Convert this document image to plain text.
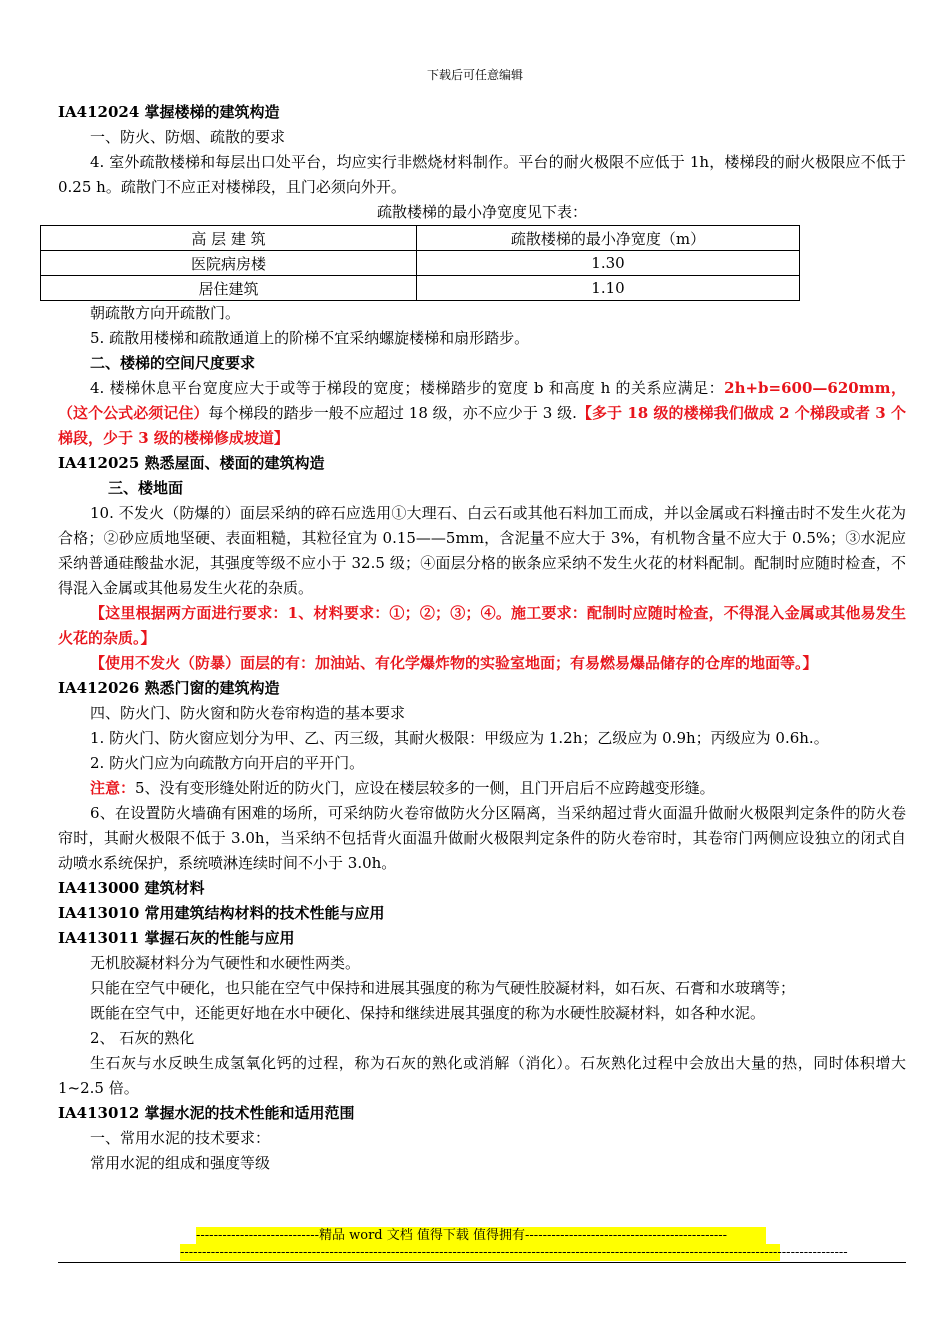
下载后可任意编辑
IA412024 掌握楼梯的建筑构造
一、防火、防烟、疏散的要求
4. 室外疏散楼梯和每层出口处平台，均应实行非燃烧材料制作。平台的耐火极限不应低于 1h，楼梯段的耐火极限应不低于 0.25 h。疏散门不应正对楼梯段，且门必须向外开。
疏散楼梯的最小净宽度见下表：
高 层 建 筑	疏散楼梯的最小净宽度（m）
医院病房楼	1.30
居住建筑	1.10
朝疏散方向开疏散门。
5. 疏散用楼梯和疏散通道上的阶梯不宜采纳螺旋楼梯和扇形踏步。
二、楼梯的空间尺度要求
4. 楼梯休息平台宽度应大于或等于梯段的宽度；楼梯踏步的宽度 b 和高度 h 的关系应满足：2h+b=600—620mm，（这个公式必须记住）每个梯段的踏步一般不应超过 18 级，亦不应少于 3 级.【多于 18 级的楼梯我们做成 2 个梯段或者 3 个梯段，少于 3 级的楼梯修成坡道】
IA412025 熟悉屋面、楼面的建筑构造
三、楼地面
10. 不发火（防爆的）面层采纳的碎石应选用①大理石、白云石或其他石料加工而成，并以金属或石料撞击时不发生火花为合格；②砂应质地坚硬、表面粗糙，其粒径宜为 0.15——5mm，含泥量不应大于 3%，有机物含量不应大于 0.5%；③水泥应采纳普通硅酸盐水泥，其强度等级不应小于 32.5 级；④面层分格的嵌条应采纳不发生火花的材料配制。配制时应随时检查，不得混入金属或其他易发生火花的杂质。
【这里根据两方面进行要求：1、材料要求：①；②；③；④。施工要求：配制时应随时检查，不得混入金属或其他易发生火花的杂质。】
【使用不发火（防暴）面层的有：加油站、有化学爆炸物的实验室地面；有易燃易爆品储存的仓库的地面等。】
IA412026 熟悉门窗的建筑构造
四、防火门、防火窗和防火卷帘构造的基本要求
1. 防火门、防火窗应划分为甲、乙、丙三级，其耐火极限：甲级应为 1.2h；乙级应为 0.9h；丙级应为 0.6h.。
2. 防火门应为向疏散方向开启的平开门。
注意：5、没有变形缝处附近的防火门，应设在楼层较多的一侧，且门开启后不应跨越变形缝。
6、在设置防火墙确有困难的场所，可采纳防火卷帘做防火分区隔离，当采纳超过背火面温升做耐火极限判定条件的防火卷帘时，其耐火极限不低于 3.0h，当采纳不包括背火面温升做耐火极限判定条件的防火卷帘时，其卷帘门两侧应设独立的闭式自动喷水系统保护，系统喷淋连续时间不小于 3.0h。
IA413000 建筑材料
IA413010 常用建筑结构材料的技术性能与应用
IA413011 掌握石灰的性能与应用
无机胶凝材料分为气硬性和水硬性两类。
只能在空气中硬化，也只能在空气中保持和进展其强度的称为气硬性胶凝材料，如石灰、石膏和水玻璃等；
既能在空气中，还能更好地在水中硬化、保持和继续进展其强度的称为水硬性胶凝材料，如各种水泥。
2、 石灰的熟化
生石灰与水反映生成氢氧化钙的过程，称为石灰的熟化或消解（消化）。石灰熟化过程中会放出大量的热，同时体积增大 1~2.5 倍。
IA413012 掌握水泥的技术性能和适用范围
一、常用水泥的技术要求：
常用水泥的组成和强度等级
----------------------------精品 word 文档 值得下载 值得拥有----------------------------------------------
--------------------------------------------------------------------------------------------------------------------------------------------------------
